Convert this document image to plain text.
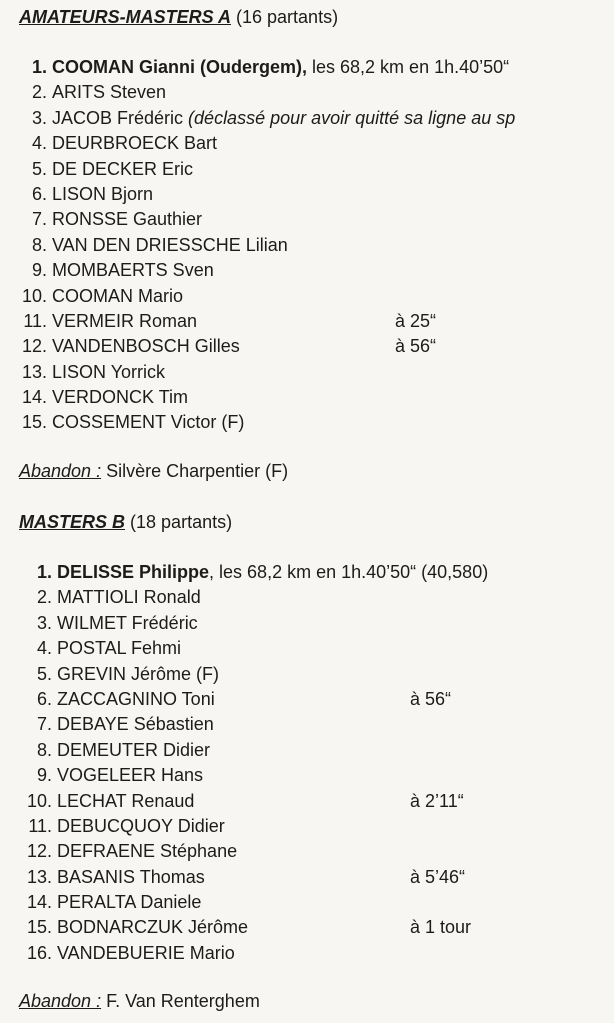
AMATEURS-MASTERS A (16 partants)
1. COOMAN Gianni (Oudergem), les 68,2 km en 1h.40’50“
2. ARITS Steven
3. JACOB Frédéric (déclassé pour avoir quitté sa ligne au sp
4. DEURBROECK Bart
5. DE DECKER Eric
6. LISON Bjorn
7. RONSSE Gauthier
8. VAN DEN DRIESSCHE Lilian
9. MOMBAERTS Sven
10. COOMAN Mario
11. VERMEIR Roman	à 25“
12. VANDENBOSCH Gilles	à 56“
13. LISON Yorrick
14. VERDONCK Tim
15. COSSEMENT Victor (F)
Abandon : Silvère Charpentier (F)
MASTERS B (18 partants)
1. DELISSE Philippe, les 68,2 km en 1h.40’50“ (40,580)
2. MATTIOLI Ronald
3. WILMET Frédéric
4. POSTAL Fehmi
5. GREVIN Jérôme (F)
6. ZACCAGNINO Toni	à 56“
7. DEBAYE Sébastien
8. DEMEUTER Didier
9. VOGELEER Hans
10. LECHAT Renaud	à 2’11“
11. DEBUCQUOY Didier
12. DEFRAENE Stéphane
13. BASANIS Thomas	à 5’46“
14. PERALTA Daniele
15. BODNARCZUK Jérôme	à 1 tour
16. VANDEBUERIE Mario
Abandon : F. Van Renterghem
